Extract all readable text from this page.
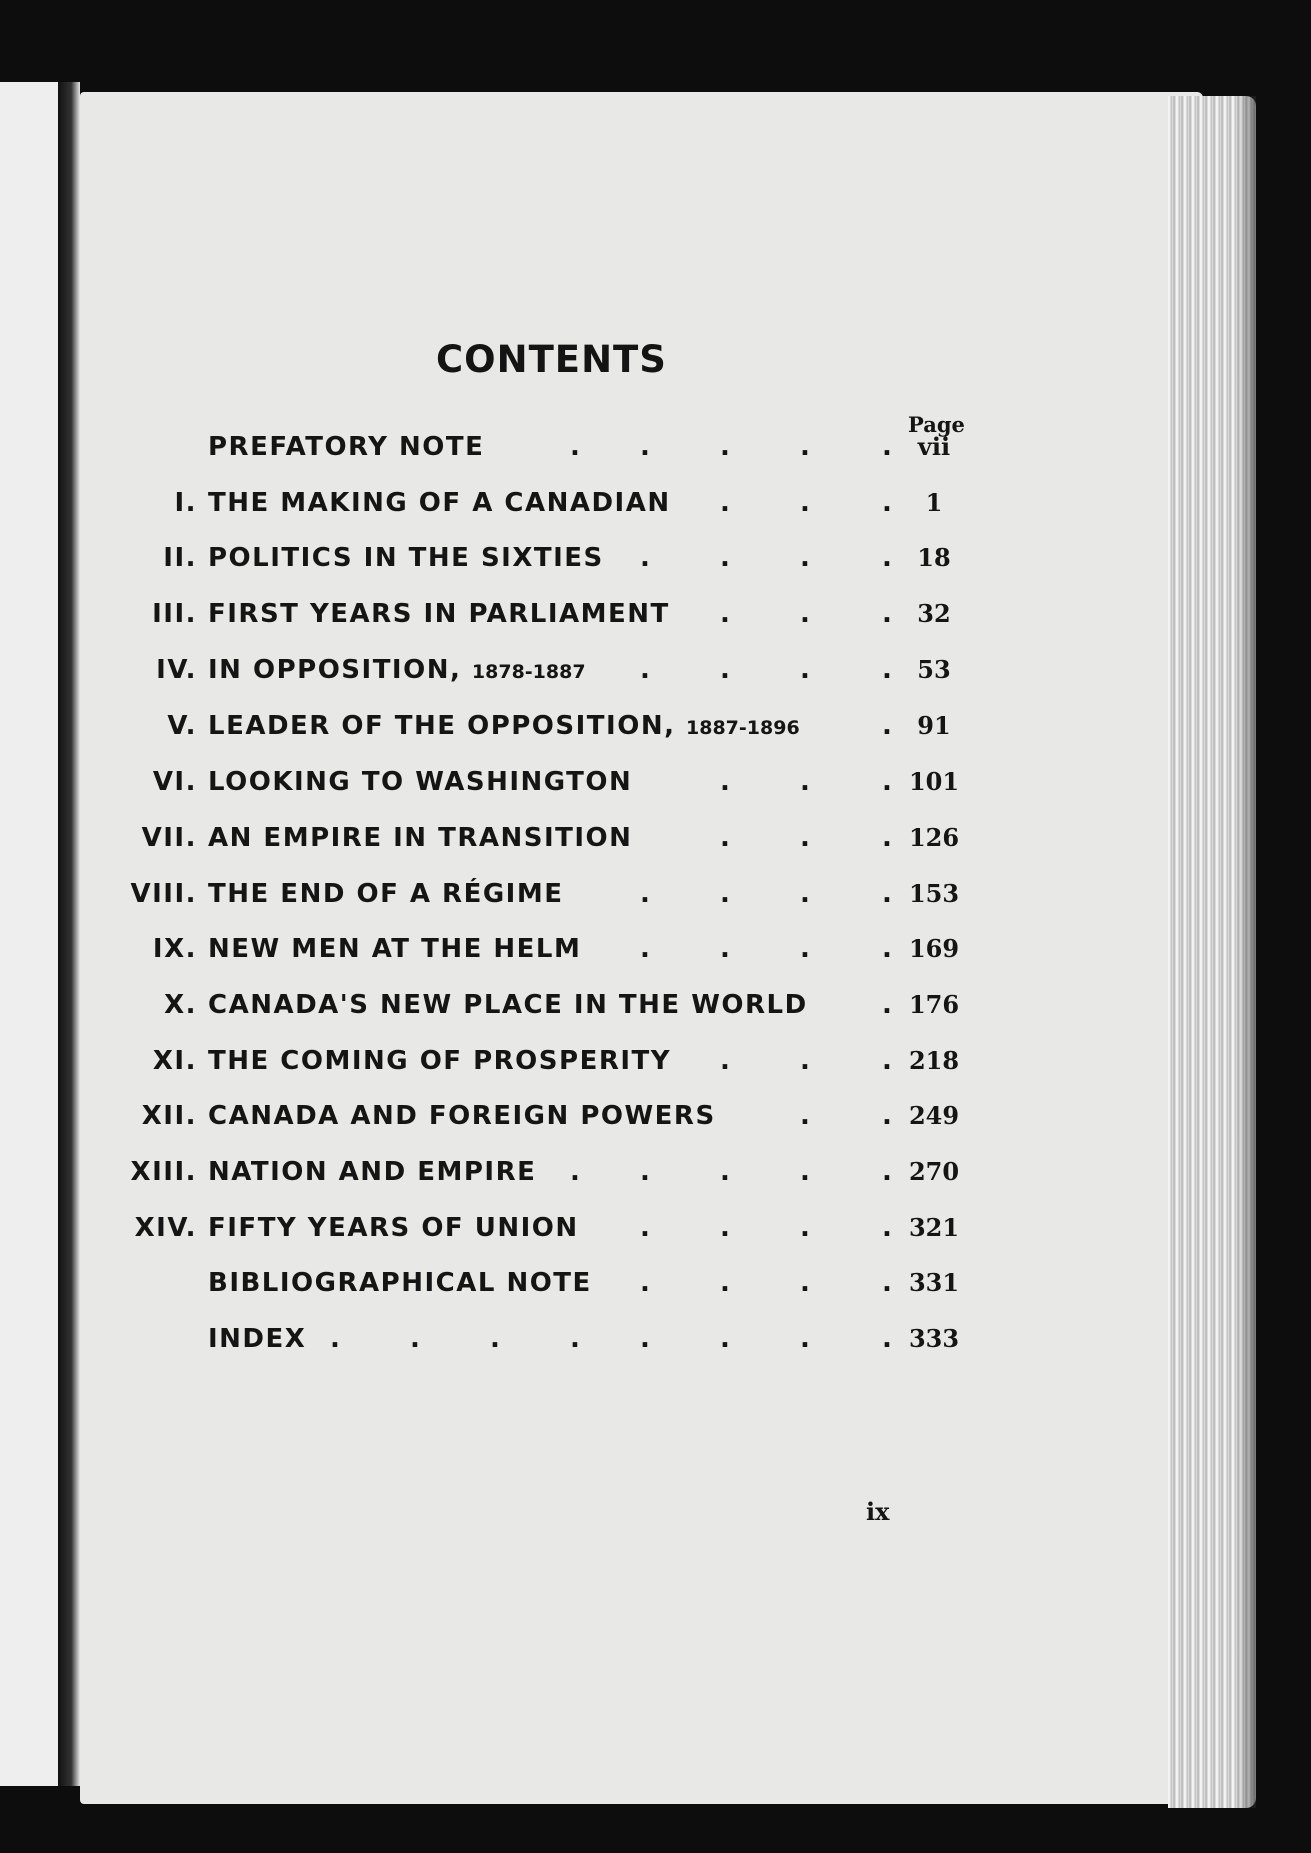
CONTENTS
Page
PREFATORY NOTE	vii
. .	.	.	.
I. THE MAKING OF A CANADIAN	1
.	.	.
II. POLITICS IN THE SIXTIES	18
.	.	.	.
III. FIRST YEARS IN PARLIAMENT	32
.	.	.
IV. IN OPPOSITION, 1878-1887	53
.	.	.	.
V. LEADER OF THE OPPOSITION, 1887-1896	91
.
VI. LOOKING TO WASHINGTON	101
.	.	.
VII. AN EMPIRE IN TRANSITION	126
.	.	.
VIII. THE END OF A RÉGIME	153
.	.	.	.
IX. NEW MEN AT THE HELM	169
.	.	.	.
X. CANADA'S NEW PLACE IN THE WORLD	176
.
XI. THE COMING OF PROSPERITY	218
.	.	.
XII. CANADA AND FOREIGN POWERS	249
.	.
XIII. NATION AND EMPIRE	270
. .	.	.	.
XIV. FIFTY YEARS OF UNION	321
.	.	.	.
BIBLIOGRAPHICAL NOTE	331
.	.	.	.
INDEX	333
.	.	.	. .	.	.	.
ix
